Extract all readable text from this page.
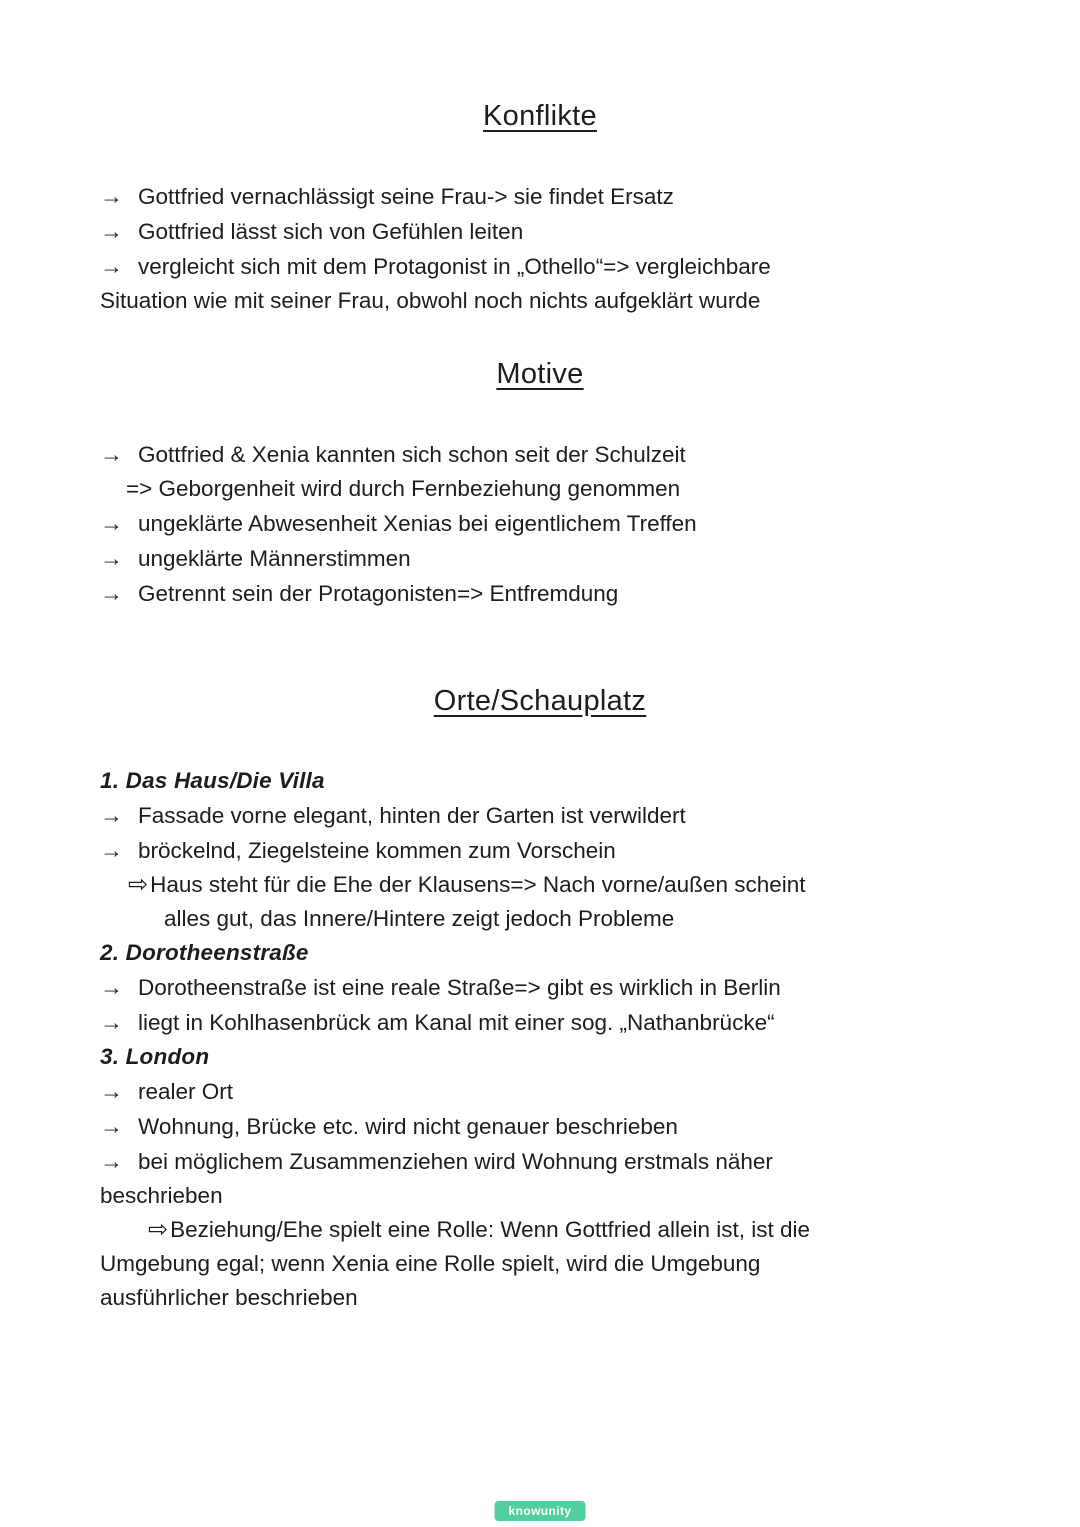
Konflikte

→ Gottfried vernachlässigt seine Frau-> sie findet Ersatz

→ Gottfried lässt sich von Gefühlen leiten

→ vergleicht sich mit dem Protagonist in „Othello“=> vergleichbare

Situation wie mit seiner Frau, obwohl noch nichts aufgeklärt wurde

Motive

→ Gottfried & Xenia kannten sich schon seit der Schulzeit

=> Geborgenheit wird durch Fernbeziehung genommen

→ ungeklärte Abwesenheit Xenias bei eigentlichem Treffen

→ ungeklärte Männerstimmen

→ Getrennt sein der Protagonisten=> Entfremdung

Orte/Schauplatz

1. Das Haus/Die Villa

→ Fassade vorne elegant, hinten der Garten ist verwildert

→ bröckelnd, Ziegelsteine kommen zum Vorschein

⇨Haus steht für die Ehe der Klausens=> Nach vorne/außen scheint

alles gut, das Innere/Hintere zeigt jedoch Probleme

2. Dorotheenstraße

→ Dorotheenstraße ist eine reale Straße=> gibt es wirklich in Berlin

→ liegt in Kohlhasenbrück am Kanal mit einer sog. „Nathanbrücke“

3. London

→ realer Ort

→ Wohnung, Brücke etc. wird nicht genauer beschrieben

→ bei möglichem Zusammenziehen wird Wohnung erstmals näher

beschrieben

⇨Beziehung/Ehe spielt eine Rolle: Wenn Gottfried allein ist, ist die

Umgebung egal; wenn Xenia eine Rolle spielt, wird die Umgebung

ausführlicher beschrieben

knowunity
